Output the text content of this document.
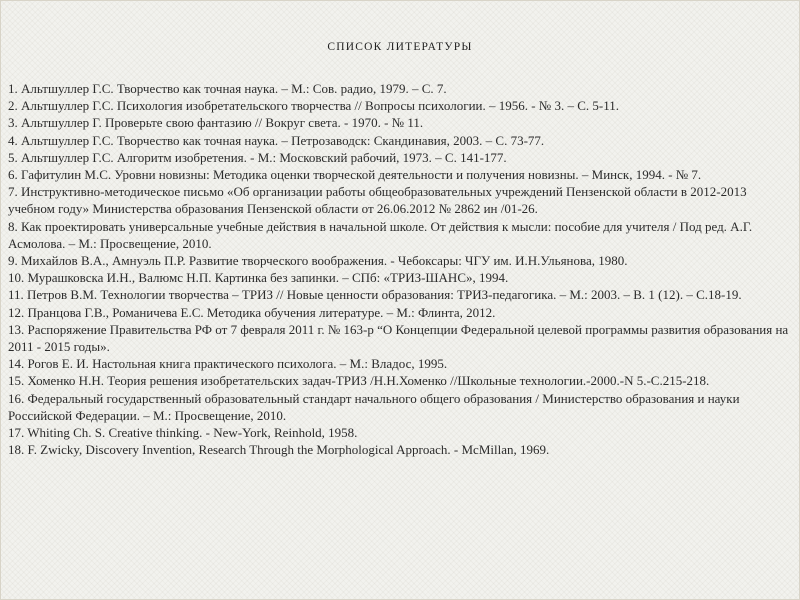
СПИСОК ЛИТЕРАТУРЫ
1. Альтшуллер Г.С. Творчество как точная наука. – М.: Сов. радио, 1979. – С. 7.
2. Альтшуллер Г.С. Психология изобретательского творчества // Вопросы психологии. – 1956. - № 3. – С. 5-11.
3. Альтшуллер Г. Проверьте свою фантазию // Вокруг света. - 1970. - № 11.
4. Альтшуллер Г.С. Творчество как точная наука. – Петрозаводск: Скандинавия, 2003. – С. 73-77.
5. Альтшуллер Г.С. Алгоритм изобретения. - М.: Московский рабочий, 1973. – С. 141-177.
6. Гафитулин М.С. Уровни новизны: Методика оценки творческой деятельности и получения новизны. – Минск, 1994. - № 7.
7. Инструктивно-методическое письмо «Об организации работы общеобразовательных учреждений Пензенской области в 2012-2013 учебном году» Министерства образования Пензенской области от 26.06.2012 № 2862 ин /01-26.
8. Как проектировать универсальные учебные действия в начальной школе. От действия к мысли: пособие для учителя / Под ред. А.Г. Асмолова. – М.: Просвещение, 2010.
9. Михайлов В.А., Амнуэль П.Р. Развитие творческого воображения. - Чебоксары: ЧГУ им. И.Н.Ульянова, 1980.
10. Мурашковска И.Н., Валюмс Н.П. Картинка без запинки. – СПб: «ТРИЗ-ШАНС», 1994.
11. Петров В.М. Технологии творчества – ТРИЗ // Новые ценности образования: ТРИЗ-педагогика. – М.: 2003. – В. 1 (12). – С.18-19.
12. Пранцова Г.В., Романичева Е.С. Методика обучения литературе. – М.: Флинта, 2012.
13. Распоряжение Правительства РФ от 7 февраля 2011 г. № 163-р “О Концепции Федеральной целевой программы развития образования на 2011 - 2015 годы».
14. Рогов Е. И. Настольная книга практического психолога. – М.: Владос, 1995.
15. Хоменко Н.Н. Теория решения изобретательских задач-ТРИЗ /Н.Н.Хоменко //Школьные технологии.-2000.-N 5.-С.215-218.
16. Федеральный государственный образовательный стандарт начального общего образования / Министерство образования и науки Российской Федерации. – М.: Просвещение, 2010.
17. Whiting Ch. S. Creative thinking. - New-York, Reinhold, 1958.
18. F. Zwicky, Discovery Invention, Research Through the Morphological Approach. - McMillan, 1969.
